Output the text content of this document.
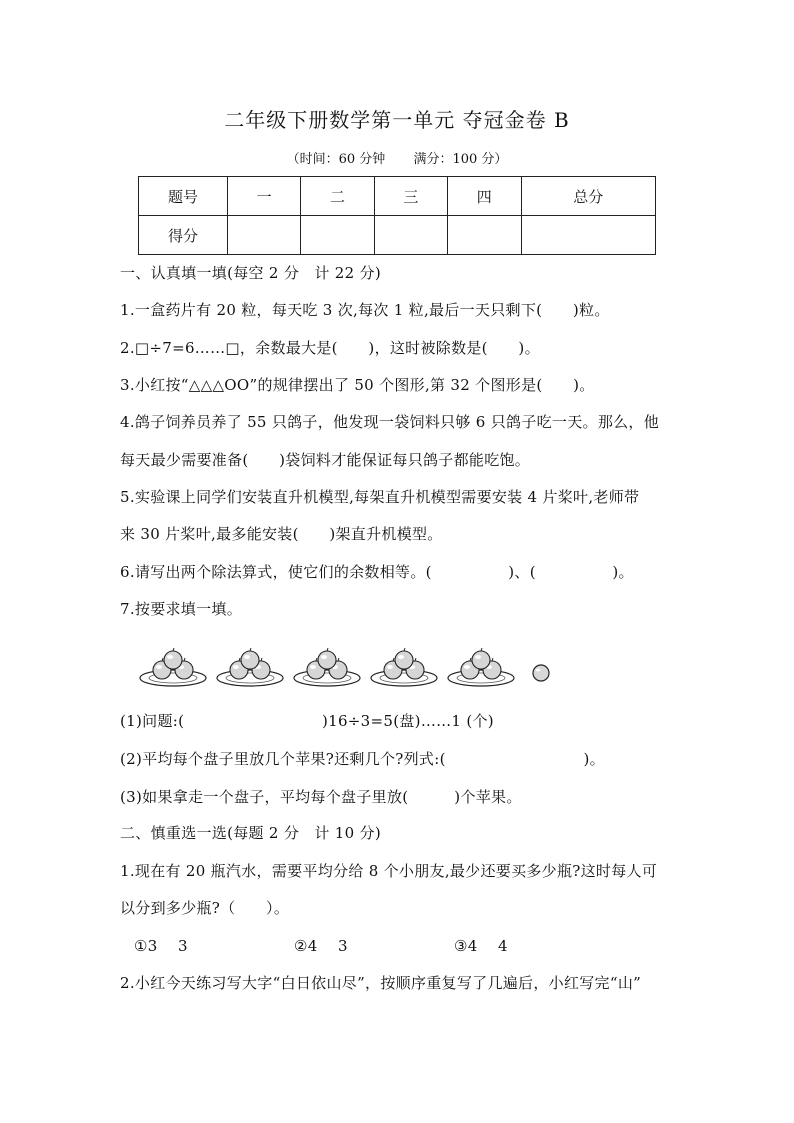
二年级下册数学第一单元 夺冠金卷 B
（时间：60 分钟 满分：100 分）
题号	一	二	三	四	总分
得分					
一、认真填一填(每空 2 分　计 22 分)
1.一盒药片有 20 粒，每天吃 3 次,每次 1 粒,最后一天只剩下(　　)粒。
2.□÷7=6……□，余数最大是(　　)，这时被除数是(　　)。
3.小红按“△△△OO”的规律摆出了 50 个图形,第 32 个图形是(　　)。
4.鸽子饲养员养了 55 只鸽子，他发现一袋饲料只够 6 只鸽子吃一天。那么，他
每天最少需要准备(　　)袋饲料才能保证每只鸽子都能吃饱。
5.实验课上同学们安装直升机模型,每架直升机模型需要安装 4 片桨叶,老师带
来 30 片桨叶,最多能安装(　　)架直升机模型。
6.请写出两个除法算式，使它们的余数相等。(　　　　　)、(　　　　　)。
7.按要求填一填。
(1)问题:(　　　　　　　　　)16÷3=5(盘)……1 (个)
(2)平均每个盘子里放几个苹果?还剩几个?列式:(　　　　　　　　　)。
(3)如果拿走一个盘子，平均每个盘子里放(　　　)个苹果。
二、慎重选一选(每题 2 分　计 10 分)
1.现在有 20 瓶汽水，需要平均分给 8 个小朋友,最少还要买多少瓶?这时每人可
以分到多少瓶?（　　）。
①3　 3	②4　 3	③4　 4
2.小红今天练习写大字“白日依山尽”，按顺序重复写了几遍后，小红写完“山”
